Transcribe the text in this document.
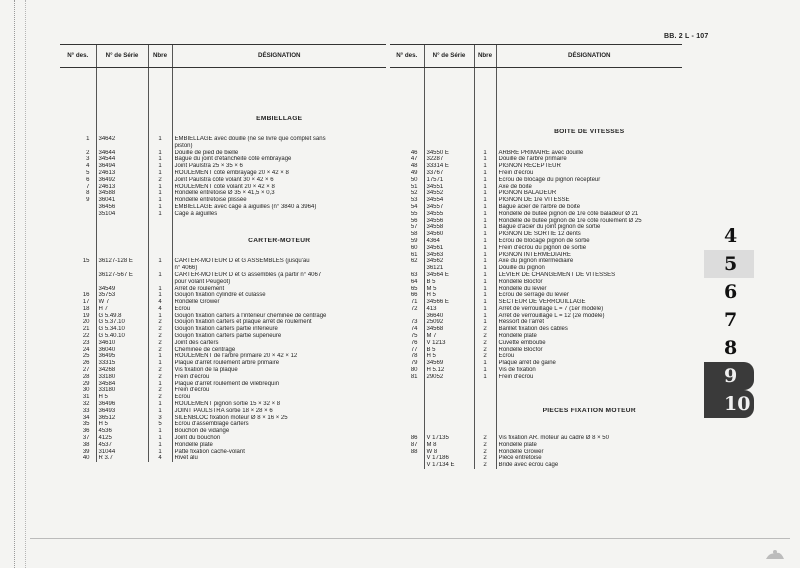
BB. 2 L - 107
N° des.	N° de Série	Nbre	DÉSIGNATION

			EMBIELLAGE

1	34642	1	EMBIELLAGE avec douille (ne se livre que complet sans
			piston)
2	34644	1	Douille de pied de bielle
3	34544	1	Bague du joint d'étanchéité côté embrayage
4	36494	1	Joint Paulstra 25 × 35 × 6
5	24613	1	ROULEMENT côté embrayage 20 × 42 × 8
6	36492	2	Joint Paulstra côté volant 30 × 42 × 6
7	24613	1	ROULEMENT côté volant 20 × 42 × 8
8	34588	1	Rondelle entretoise Ø 35 × 41,5 × 0,3
9	36041	1	Rondelle entretoise plissée
	36456	1	EMBIELLAGE avec cage à aiguilles (n° 3840 à 3964)
	35104	1	Cage à aiguilles

			CARTER-MOTEUR

15	36127-128 E	1	CARTER-MOTEUR D et G ASSEMBLÉS (jusqu'au
			n° 4066)
	36127-567 E	1	CARTER-MOTEUR D et G assemblés (à partir n° 4067
			pour volant Peugeot)
	34549	1	Arrêt de roulement
16	35753	1	Goujon fixation cylindre et culasse
17	W 7	4	Rondelle Grower
18	H 7	4	Écrou
19	G 5.49.8	1	Goujon fixation carters à l'intérieur cheminée de centrage
20	G 5.37.10	2	Goujon fixation carters et plaque arrêt de roulement
21	G 5.34.10	2	Goujon fixation carters partie inférieure
22	G 5.40.10	2	Goujon fixation carters partie supérieure
23	34610	2	Joint des carters
24	36040	2	Cheminée de centrage
25	36495	1	ROULEMENT de l'arbre primaire 20 × 42 × 12
26	33315	1	Plaque d'arrêt roulement arbre primaire
27	34268	2	Vis fixation de la plaque
28	33180	2	Frein d'écrou
29	34584	1	Plaque d'arrêt roulement de vilebrequin
30	33180	2	Frein d'écrou
31	H 5	2	Écrou
32	36496	1	ROULEMENT pignon sortie 15 × 32 × 8
33	36493	1	JOINT PAULSTRA sortie 18 × 28 × 6
34	36512	3	SILENBLOC fixation moteur Ø 8 × 16 × 25
35	H 5	5	Écrou d'assemblage carters
36	4536	1	Bouchon de vidange
37	4125	1	Joint du bouchon
38	4537	1	Rondelle plate
39	31044	1	Patte fixation cache-volant
40	R 3.7	4	Rivet alu
N° des.	N° de Série	Nbre	DÉSIGNATION

			BOITE DE VITESSES

46	34550 E	1	ARBRE PRIMAIRE avec douille
47	32287	1	Douille de l'arbre primaire
48	33314 E	1	PIGNON RÉCEPTEUR
49	33767	1	Frein d'écrou
50	17571	1	Écrou de blocage du pignon récepteur
51	34551	1	Axe de boite
52	34552	1	PIGNON BALADEUR
53	34554	1	PIGNON DE 1re VITESSE
54	34557	1	Bague acier de l'arbre de boite
55	34555	1	Rondelle de butée pignon de 1re côté baladeur Ø 21
56	34556	1	Rondelle de butée pignon de 1re côté roulement Ø 25
57	34558	1	Bague d'acier du joint pignon de sortie
58	34560	1	PIGNON DE SORTIE 12 dents
59	4364	1	Écrou de blocage pignon de sortie
60	34561	1	Frein d'écrou du pignon de sortie
61	34563	1	PIGNON INTERMÉDIAIRE
62	34562	1	Axe du pignon intermédiaire
	36121	1	Douille du pignon
63	34564 E	1	LEVIER DE CHANGEMENT DE VITESSES
64	B 5	1	Rondelle Blocfor
65	M 5	1	Rondelle du levier
66	H 5	1	Écrou de serrage du levier
71	34566 E	1	SECTEUR DE VERROUILLAGE
72	413	1	Arrêt de verrouillage L = 7 (1er modèle)
	36640	1	Arrêt de verrouillage L = 12 (2e modèle)
73	25092	1	Ressort de l'arrêt
74	34568	2	Barillet fixation des câbles
75	M 7	2	Rondelle plate
76	V 1213	2	Cuvette emboutie
77	B 5	2	Rondelle Blocfor
78	H 5	2	Écrou
79	34569	1	Plaque arrêt de gaine
80	H 5.12	1	Vis de fixation
81	29052	1	Frein d'écrou

			PIÈCES FIXATION MOTEUR

86	V 17135	2	Vis fixation AR. moteur au cadre Ø 8 × 50
87	M 8	2	Rondelle plate
88	W 8	2	Rondelle Grower
	V 17186	2	Pièce entretoise
	V 17134 E	2	Bride avec écrou cage
4
5
6
7
8
9
10
